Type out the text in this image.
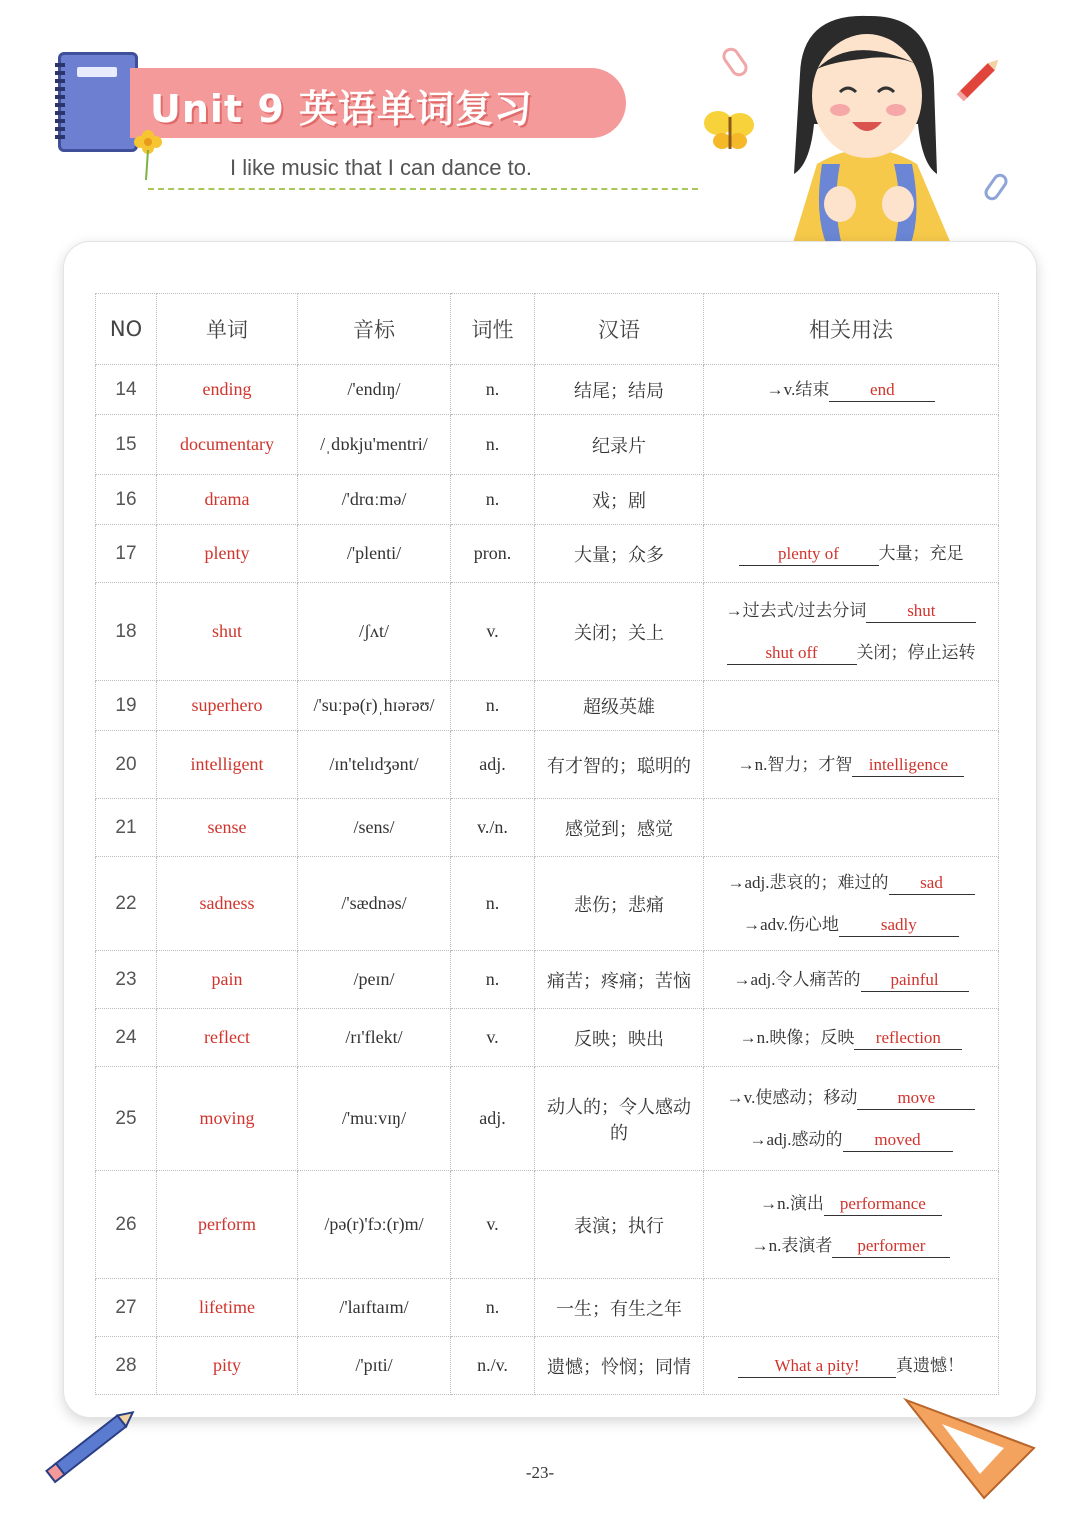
Unit 9 英语单词复习
I like music that I can dance to.
NO	单词	音标	词性	汉语	相关用法
14	ending	/'endɪŋ/	n.	结尾；结局	→v.结束 end

15	documentary	/ˌdɒkju'mentri/	n.	纪录片	
16	drama	/'drɑːmə/	n.	戏；剧	
17	plenty	/'plenti/	pron.	大量；众多	plenty of 大量；充足

18	shut	/ʃʌt/	v.	关闭；关上	→过去式/过去分词 shut
shut off 关闭；停止运转

19	superhero	/'suːpə(r)ˌhɪərəʊ/	n.	超级英雄	
20	intelligent	/ɪn'telɪdʒənt/	adj.	有才智的；聪明的	→n.智力；才智 intelligence

21	sense	/sens/	v./n.	感觉到；感觉	
22	sadness	/'sædnəs/	n.	悲伤；悲痛	→adj.悲哀的；难过的 sad
→adv.伤心地 sadly

23	pain	/peɪn/	n.	痛苦；疼痛；苦恼	→adj.令人痛苦的 painful

24	reflect	/rɪ'flekt/	v.	反映；映出	→n.映像；反映 reflection

25	moving	/'muːvɪŋ/	adj.	动人的；令人感动的	→v.使感动；移动 move
→adj.感动的 moved

26	perform	/pə(r)'fɔː(r)m/	v.	表演；执行	→n.演出 performance
→n.表演者 performer

27	lifetime	/'laɪftaɪm/	n.	一生；有生之年	
28	pity	/'pɪti/	n./v.	遗憾；怜悯；同情	What a pity! 真遗憾！
-23-
